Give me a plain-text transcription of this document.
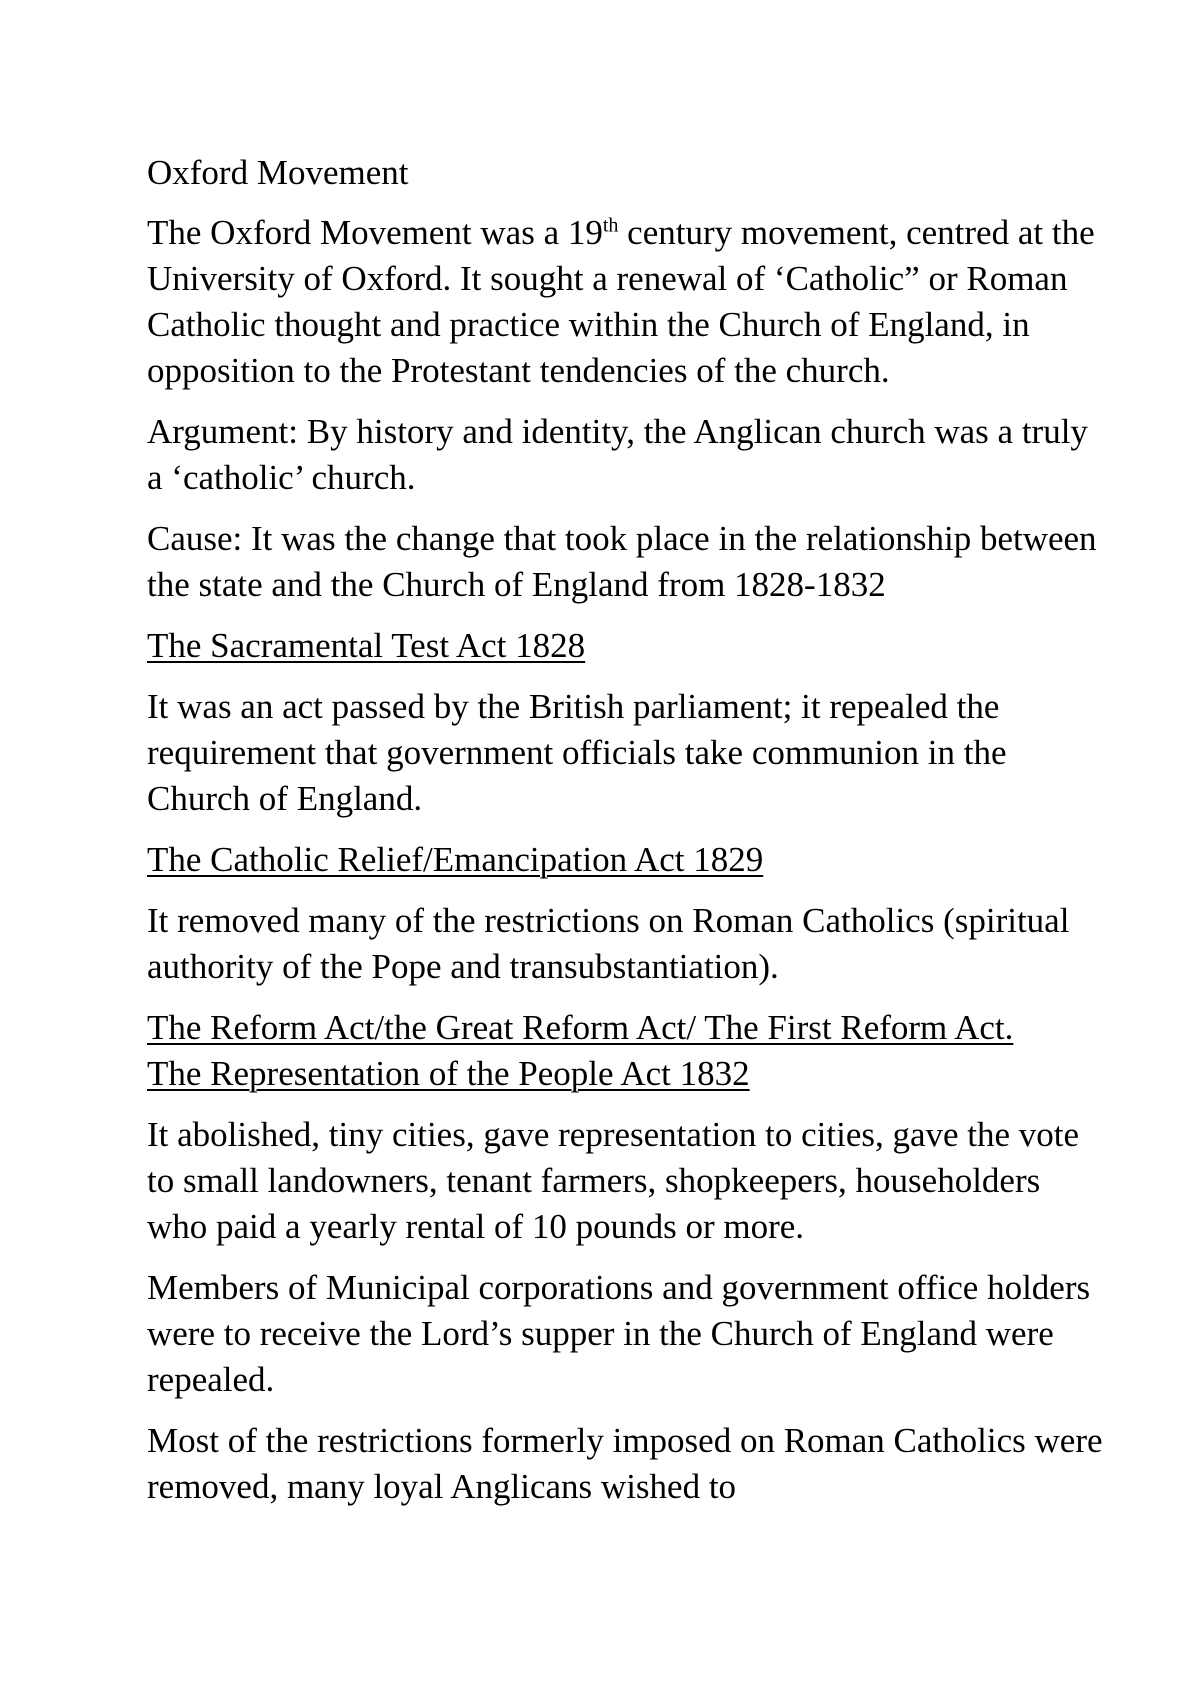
Oxford Movement

The Oxford Movement was a 19th century movement, centred at the University of Oxford. It sought a renewal of ‘Catholic” or Roman Catholic thought and practice within the Church of England, in opposition to the Protestant tendencies of the church.

Argument: By history and identity, the Anglican church was a truly a ‘catholic’ church.

Cause: It was the change that took place in the relationship between the state and the Church of England from 1828-1832

The Sacramental Test Act 1828

It was an act passed by the British parliament; it repealed the requirement that government officials take communion in the Church of England.

The Catholic Relief/Emancipation Act 1829

It removed many of the restrictions on Roman Catholics (spiritual authority of the Pope and transubstantiation).

The Reform Act/the Great Reform Act/ The First Reform Act.
The Representation of the People Act 1832

It abolished, tiny cities, gave representation to cities, gave the vote to small landowners, tenant farmers, shopkeepers, householders who paid a yearly rental of 10 pounds or more.

Members of Municipal corporations and government office holders were to receive the Lord’s supper in the Church of England were repealed.

Most of the restrictions formerly imposed on Roman Catholics were removed, many loyal Anglicans wished to
